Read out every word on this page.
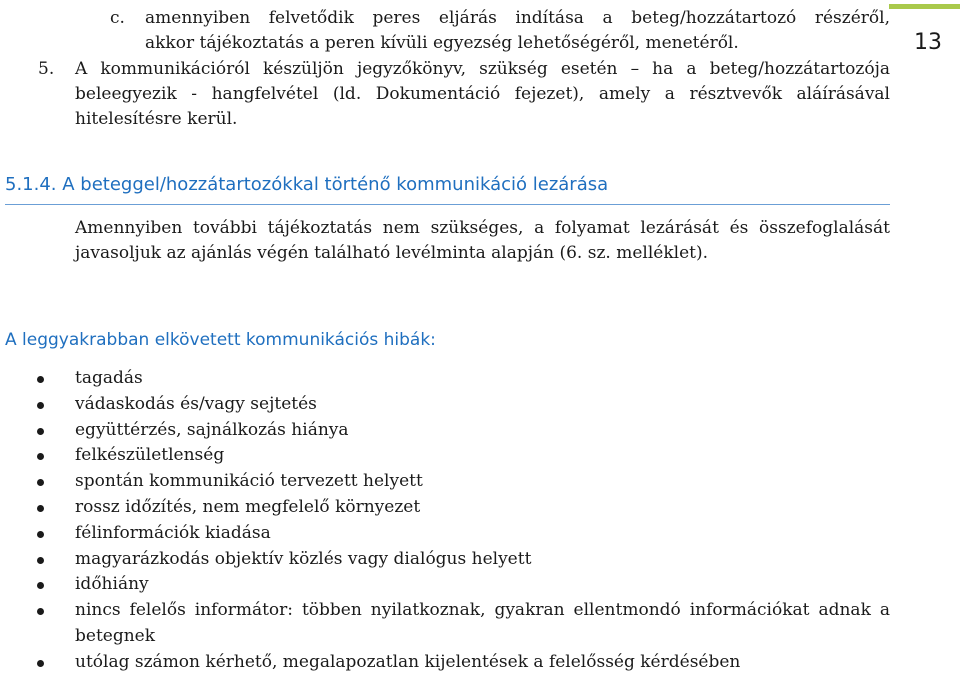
13
c. amennyiben felvetődik peres eljárás indítása a beteg/hozzátartozó részéről,
akkor tájékoztatás a peren kívüli egyezség lehetőségéről, menetéről.
5. A kommunikációról készüljön jegyzőkönyv, szükség esetén – ha a beteg/hozzátartozója
beleegyezik - hangfelvétel (ld. Dokumentáció fejezet), amely a résztvevők aláírásával
hitelesítésre kerül.
5.1.4. A beteggel/hozzátartozókkal történő kommunikáció lezárása
Amennyiben további tájékoztatás nem szükséges, a folyamat lezárását és összefoglalását
javasoljuk az ajánlás végén található levélminta alapján (6. sz. melléklet).
A leggyakrabban elkövetett kommunikációs hibák:
tagadás
vádaskodás és/vagy sejtetés
együttérzés, sajnálkozás hiánya
felkészületlenség
spontán kommunikáció tervezett helyett
rossz időzítés, nem megfelelő környezet
félinformációk kiadása
magyarázkodás objektív közlés vagy dialógus helyett
időhiány
nincs felelős informátor: többen nyilatkoznak, gyakran ellentmondó információkat adnak a betegnek
utólag számon kérhető, megalapozatlan kijelentések a felelősség kérdésében
